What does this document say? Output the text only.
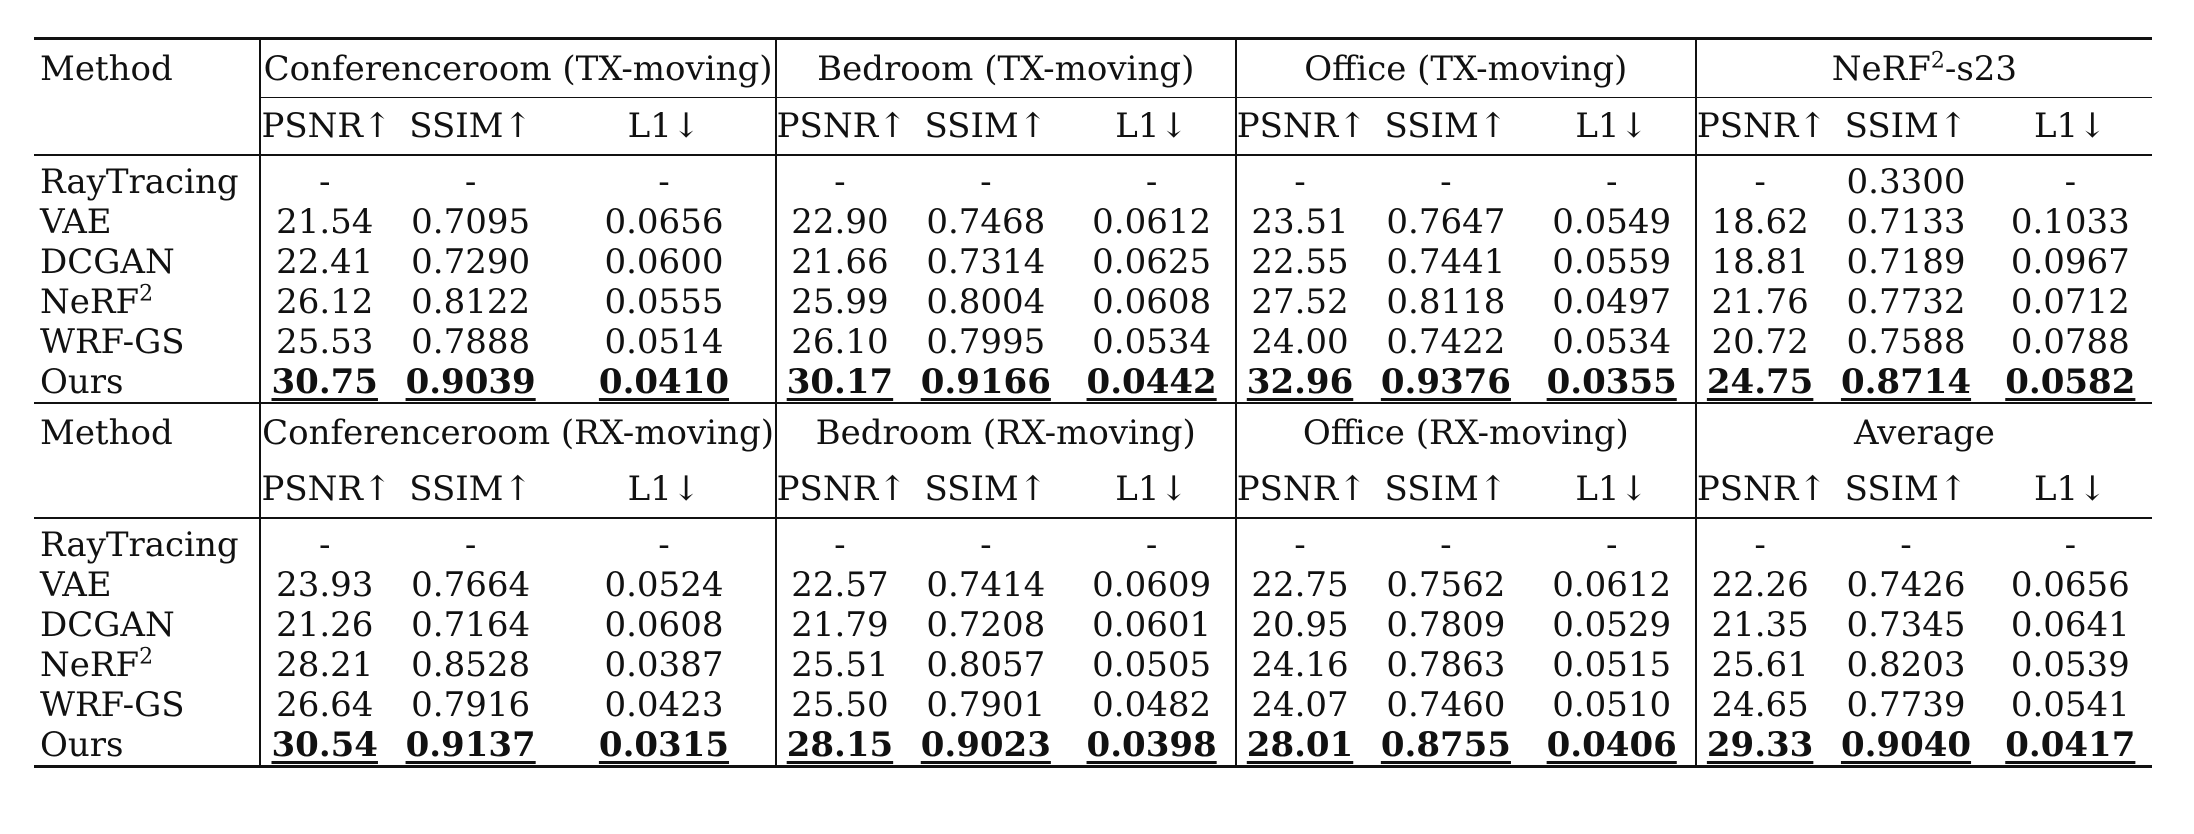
Method	Conferenceroom (TX-moving)			Bedroom (TX-moving)			Office (TX-moving)			NeRF$^2$-s23		
	PSNR↑	SSIM↑	L1↓	PSNR↑	SSIM↑	L1↓	PSNR↑	SSIM↑	L1↓	PSNR↑	SSIM↑	L1↓

RayTracing	-	-	-	-	-	-	-	-	-	-	0.3300	-
VAE	21.54	0.7095	0.0656	22.90	0.7468	0.0612	23.51	0.7647	0.0549	18.62	0.7133	0.1033
DCGAN	22.41	0.7290	0.0600	21.66	0.7314	0.0625	22.55	0.7441	0.0559	18.81	0.7189	0.0967
NeRF$^2$	26.12	0.8122	0.0555	25.99	0.8004	0.0608	27.52	0.8118	0.0497	21.76	0.7732	0.0712
WRF-GS	25.53	0.7888	0.0514	26.10	0.7995	0.0534	24.00	0.7422	0.0534	20.72	0.7588	0.0788
Ours	30.75	0.9039	0.0410	30.17	0.9166	0.0442	32.96	0.9376	0.0355	24.75	0.8714	0.0582
Method	Conferenceroom (RX-moving)			Bedroom (RX-moving)			Office (RX-moving)			Average		
	PSNR↑	SSIM↑	L1↓	PSNR↑	SSIM↑	L1↓	PSNR↑	SSIM↑	L1↓	PSNR↑	SSIM↑	L1↓

RayTracing	-	-	-	-	-	-	-	-	-	-	-	-
VAE	23.93	0.7664	0.0524	22.57	0.7414	0.0609	22.75	0.7562	0.0612	22.26	0.7426	0.0656
DCGAN	21.26	0.7164	0.0608	21.79	0.7208	0.0601	20.95	0.7809	0.0529	21.35	0.7345	0.0641
NeRF$^2$	28.21	0.8528	0.0387	25.51	0.8057	0.0505	24.16	0.7863	0.0515	25.61	0.8203	0.0539
WRF-GS	26.64	0.7916	0.0423	25.50	0.7901	0.0482	24.07	0.7460	0.0510	24.65	0.7739	0.0541
Ours	30.54	0.9137	0.0315	28.15	0.9023	0.0398	28.01	0.8755	0.0406	29.33	0.9040	0.0417
